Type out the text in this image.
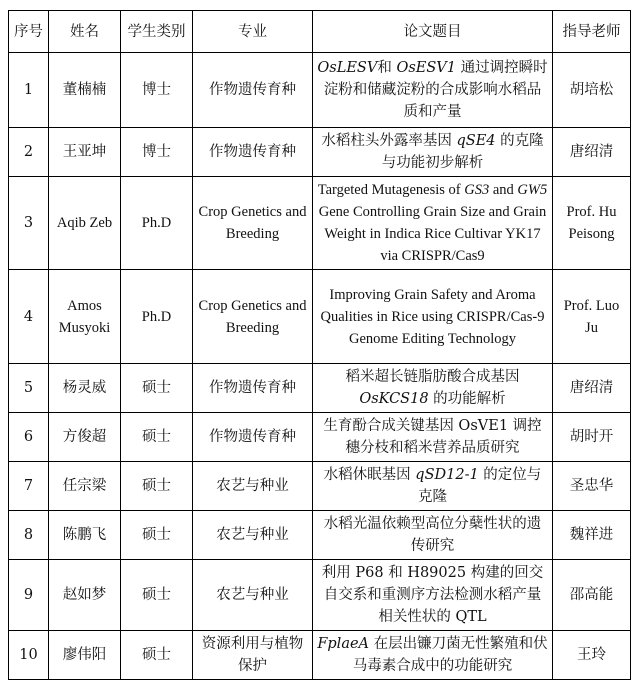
序号	姓名	学生类别	专业	论文题目	指导老师
1	董楠楠	博士	作物遗传育种	OsLESV和 OsESV1 通过调控瞬时淀粉和储藏淀粉的合成影响水稻品质和产量	胡培松
2	王亚坤	博士	作物遗传育种	水稻柱头外露率基因 qSE4 的克隆与功能初步解析	唐绍清
3	Aqib Zeb	Ph.D	Crop Genetics and Breeding	Targeted Mutagenesis of GS3 and GW5 Gene Controlling Grain Size and Grain Weight in Indica Rice Cultivar YK17 via CRISPR/Cas9	Prof. Hu Peisong
4	Amos Musyoki	Ph.D	Crop Genetics and Breeding	Improving Grain Safety and Aroma Qualities in Rice using CRISPR/Cas-9 Genome Editing Technology	Prof. Luo Ju
5	杨灵威	硕士	作物遗传育种	稻米超长链脂肪酸合成基因 OsKCS18 的功能解析	唐绍清
6	方俊超	硕士	作物遗传育种	生育酚合成关键基因 OsVE1 调控穗分枝和稻米营养品质研究	胡时开
7	任宗梁	硕士	农艺与种业	水稻休眠基因 qSD12-1 的定位与克隆	圣忠华
8	陈鹏飞	硕士	农艺与种业	水稻光温依赖型高位分蘖性状的遗传研究	魏祥进
9	赵如梦	硕士	农艺与种业	利用 P68 和 H89025 构建的回交自交系和重测序方法检测水稻产量相关性状的 QTL	邵高能
10	廖伟阳	硕士	资源利用与植物保护	FplaeA 在层出镰刀菌无性繁殖和伏马毒素合成中的功能研究	王玲
